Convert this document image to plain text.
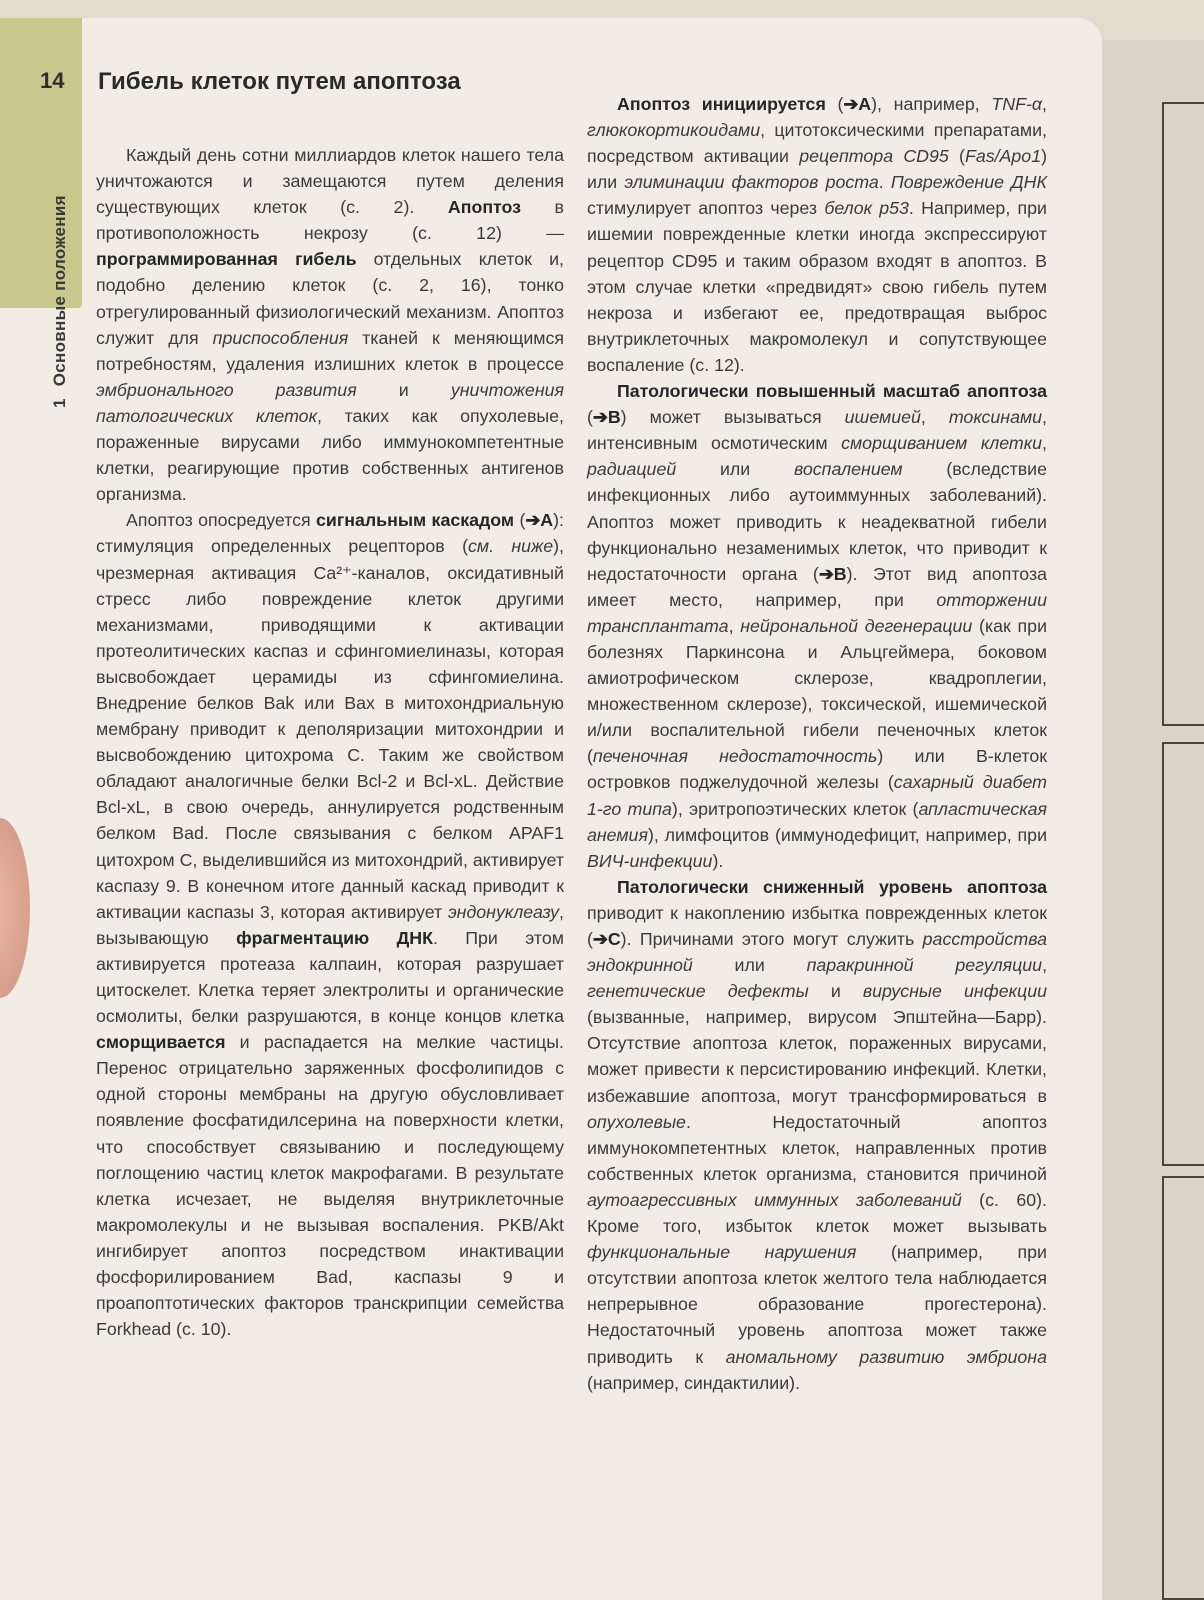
14
1Основные положения
Гибель клеток путем апоптоза

Каждый день сотни миллиардов клеток нашего тела уничтожаются и замещаются путем деления существующих клеток (с. 2). Апоптоз в противоположность некрозу (с. 12) — программированная гибель отдельных клеток и, подобно делению клеток (с. 2, 16), тонко отрегулированный физиологический механизм. Апоптоз служит для приспособления тканей к меняющимся потребностям, удаления излишних клеток в процессе эмбрионального развития и уничтожения патологических клеток, таких как опухолевые, пораженные вирусами либо иммунокомпетентные клетки, реагирующие против собственных антигенов организма.

Апоптоз опосредуется сигнальным каскадом (➔A): стимуляция определенных рецепторов (см. ниже), чрезмерная активация Ca²⁺-каналов, оксидативный стресс либо повреждение клеток другими механизмами, приводящими к активации протеолитических каспаз и сфингомиелиназы, которая высвобождает церамиды из сфингомиелина. Внедрение белков Bak или Bax в митохондриальную мембрану приводит к деполяризации митохондрии и высвобождению цитохрома C. Таким же свойством обладают аналогичные белки Bcl-2 и Bcl-xL. Действие Bcl-xL, в свою очередь, аннулируется родственным белком Bad. После связывания с белком APAF1 цитохром C, выделившийся из митохондрий, активирует каспазу 9. В конечном итоге данный каскад приводит к активации каспазы 3, которая активирует эндонуклеазу, вызывающую фрагментацию ДНК. При этом активируется протеаза калпаин, которая разрушает цитоскелет. Клетка теряет электролиты и органические осмолиты, белки разрушаются, в конце концов клетка сморщивается и распадается на мелкие частицы. Перенос отрицательно заряженных фосфолипидов с одной стороны мембраны на другую обусловливает появление фосфатидилсерина на поверхности клетки, что способствует связыванию и последующему поглощению частиц клеток макрофагами. В результате клетка исчезает, не выделяя внутриклеточные макромолекулы и не вызывая воспаления. PKB/Akt ингибирует апоптоз посредством инактивации фосфорилированием Bad, каспазы 9 и проапоптотических факторов транскрипции семейства Forkhead (с. 10).

Апоптоз инициируется (➔A), например, TNF-α, глюкокортикоидами, цитотоксическими препаратами, посредством активации рецептора CD95 (Fas/Apo1) или элиминации факторов роста. Повреждение ДНК стимулирует апоптоз через белок p53. Например, при ишемии поврежденные клетки иногда экспрессируют рецептор CD95 и таким образом входят в апоптоз. В этом случае клетки «предвидят» свою гибель путем некроза и избегают ее, предотвращая выброс внутриклеточных макромолекул и сопутствующее воспаление (с. 12).

Патологически повышенный масштаб апоптоза (➔B) может вызываться ишемией, токсинами, интенсивным осмотическим сморщиванием клетки, радиацией или воспалением (вследствие инфекционных либо аутоиммунных заболеваний). Апоптоз может приводить к неадекватной гибели функционально незаменимых клеток, что приводит к недостаточности органа (➔B). Этот вид апоптоза имеет место, например, при отторжении трансплантата, нейрональной дегенерации (как при болезнях Паркинсона и Альцгеймера, боковом амиотрофическом склерозе, квадроплегии, множественном склерозе), токсической, ишемической и/или воспалительной гибели печеночных клеток (печеночная недостаточность) или B-клеток островков поджелудочной железы (сахарный диабет 1-го типа), эритропоэтических клеток (апластическая анемия), лимфоцитов (иммунодефицит, например, при ВИЧ-инфекции).

Патологически сниженный уровень апоптоза приводит к накоплению избытка поврежденных клеток (➔C). Причинами этого могут служить расстройства эндокринной или паракринной регуляции, генетические дефекты и вирусные инфекции (вызванные, например, вирусом Эпштейна—Барр). Отсутствие апоптоза клеток, пораженных вирусами, может привести к персистированию инфекций. Клетки, избежавшие апоптоза, могут трансформироваться в опухолевые. Недостаточный апоптоз иммунокомпетентных клеток, направленных против собственных клеток организма, становится причиной аутоагрессивных иммунных заболеваний (с. 60). Кроме того, избыток клеток может вызывать функциональные нарушения (например, при отсутствии апоптоза клеток желтого тела наблюдается непрерывное образование прогестерона). Недостаточный уровень апоптоза может также приводить к аномальному развитию эмбриона (например, синдактилии).
